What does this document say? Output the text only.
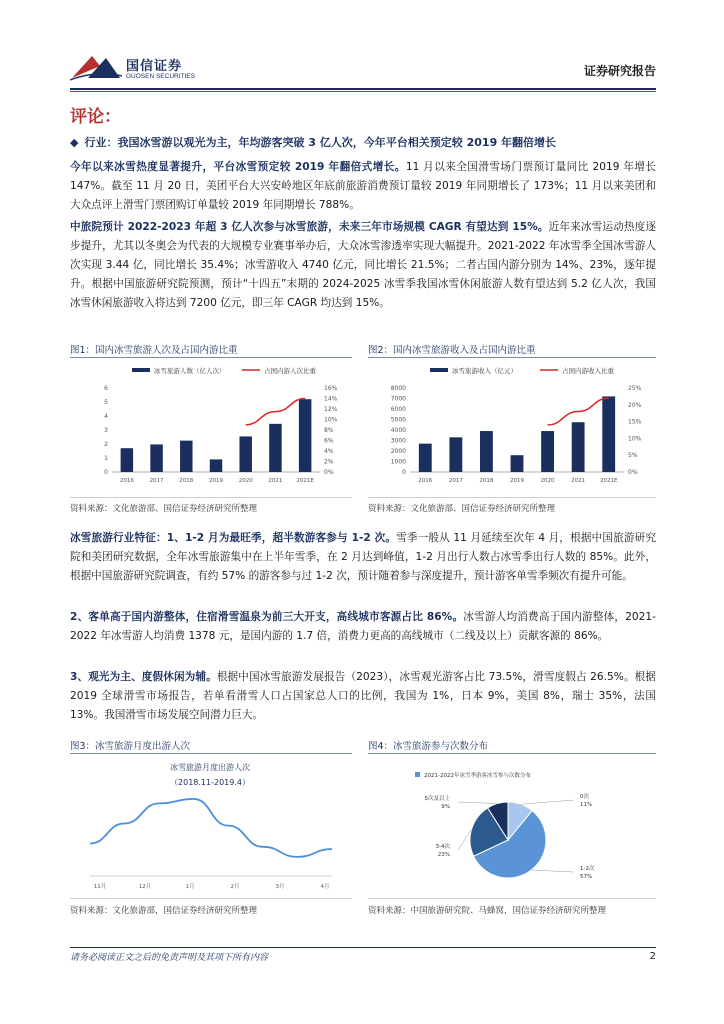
国信证券
GUOSEN SECURITIES	证券研究报告
评论：
◆ 行业：我国冰雪游以观光为主，年均游客突破 3 亿人次，今年平台相关预定较 2019 年翻倍增长
今年以来冰雪热度显著提升，平台冰雪预定较 2019 年翻倍式增长。11 月以来全国滑雪场门票预订量同比 2019 年增长 147%。截至 11 月 20 日，美团平台大兴安岭地区年底前旅游消费预订量较 2019 年同期增长了 173%；11 月以来美团和大众点评上滑雪门票团购订单量较 2019 年同期增长 788%。
中旅院预计 2022-2023 年超 3 亿人次参与冰雪旅游，未来三年市场规模 CAGR 有望达到 15%。近年来冰雪运动热度逐步提升，尤其以冬奥会为代表的大规模专业赛事举办后，大众冰雪渗透率实现大幅提升。2021-2022 年冰雪季全国冰雪游人次实现 3.44 亿，同比增长 35.4%；冰雪游收入 4740 亿元，同比增长 21.5%；二者占国内游分别为 14%、23%，逐年提升。根据中国旅游研究院预测，预计“十四五”末期的 2024-2025 冰雪季我国冰雪休闲旅游人数有望达到 5.2 亿人次，我国冰雪休闲旅游收入将达到 7200 亿元，即三年 CAGR 均达到 15%。
图1：国内冰雪旅游人次及占国内游比重
冰雪旅游人数（亿人次）	占国内游人次比重
0
1
2
3
4
5
6
0%
2%
4%
6%
8%
10%
12%
14%
16%
2016	2017	2018	2019	2020	2021	2021E
资料来源：文化旅游部、国信证券经济研究所整理
图2：国内冰雪旅游收入及占国内游比重
冰雪旅游收入（亿元）	占国内游收入比重
0
1000
2000
3000
4000
5000
6000
7000
8000
0%
5%
10%
15%
20%
25%
2016	2017	2018	2019	2020	2021	2021E
资料来源：文化旅游部、国信证券经济研究所整理
冰雪旅游行业特征：1、1-2 月为最旺季，超半数游客参与 1-2 次。雪季一般从 11 月延续至次年 4 月，根据中国旅游研究院和美团研究数据，全年冰雪旅游集中在上半年雪季，在 2 月达到峰值，1-2 月出行人数占冰雪季出行人数的 85%。此外，根据中国旅游研究院调查，有约 57% 的游客参与过 1-2 次，预计随着参与深度提升，预计游客单雪季频次有提升可能。
2、客单高于国内游整体，住宿滑雪温泉为前三大开支，高线城市客源占比 86%。冰雪游人均消费高于国内游整体，2021-2022 年冰雪游人均消费 1378 元，是国内游的 1.7 倍，消费力更高的高线城市（二线及以上）贡献客源的 86%。
3、观光为主、度假休闲为辅。根据中国冰雪旅游发展报告（2023），冰雪观光游客占比 73.5%，滑雪度假占 26.5%。根据 2019 全球滑雪市场报告，若单看滑雪人口占国家总人口的比例，我国为 1%，日本 9%，美国 8%，瑞士 35%，法国 13%。我国滑雪市场发展空间潜力巨大。
图3：冰雪旅游月度出游人次
冰雪旅游月度出游人次
（2018.11-2019.4）
11月	12月	1月	2月	3月	4月
资料来源：文化旅游部，国信证券经济研究所整理
图4：冰雪旅游参与次数分布
2021-2022年冰雪季游客冰雪参与次数分布
0次
11%
1-2次
57%
3-4次
23%
5次及以上
9%
资料来源：中国旅游研究院、马蜂窝，国信证券经济研究所整理
请务必阅读正文之后的免责声明及其项下所有内容	2
